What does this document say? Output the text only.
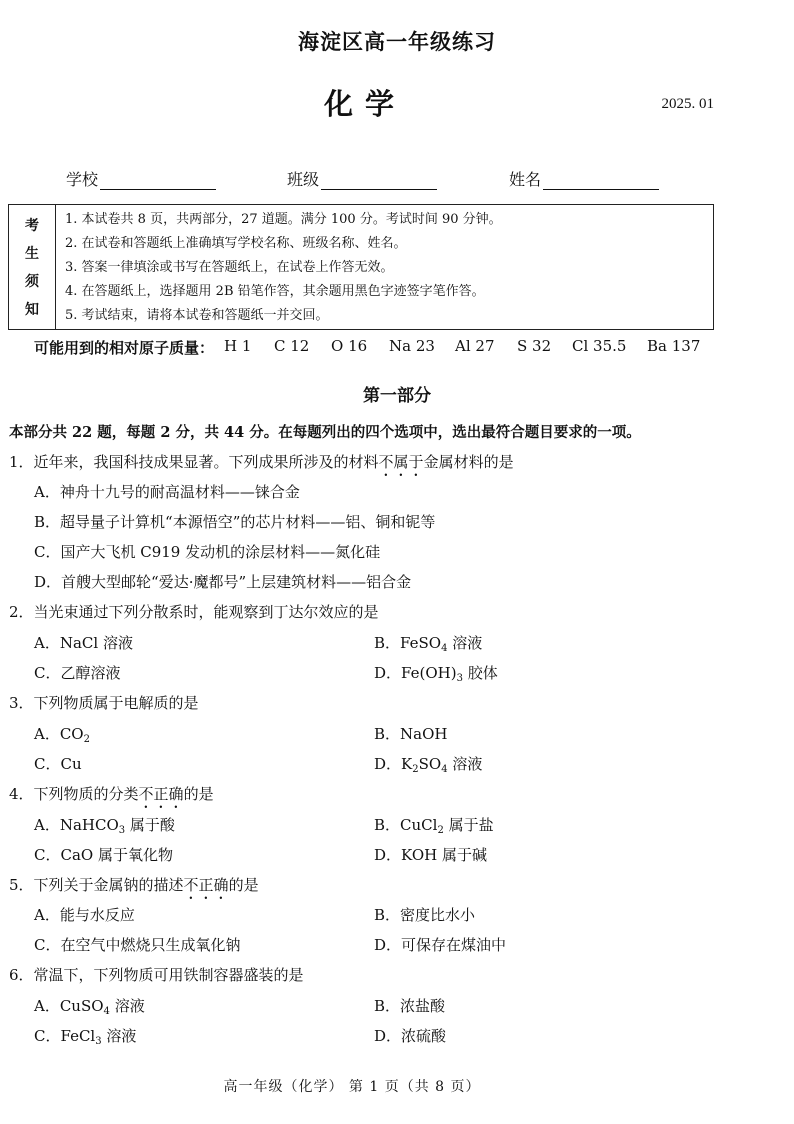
海淀区高一年级练习
化学	2025. 01
学校	班级	姓名
考
生
须
知
1. 本试卷共 8 页，共两部分，27 道题。满分 100 分。考试时间 90 分钟。
2. 在试卷和答题纸上准确填写学校名称、班级名称、姓名。
3. 答案一律填涂或书写在答题纸上，在试卷上作答无效。
4. 在答题纸上，选择题用 2B 铅笔作答，其余题用黑色字迹签字笔作答。
5. 考试结束，请将本试卷和答题纸一并交回。
可能用到的相对原子质量： H 1	C 12	O 16	Na 23	Al 27	S 32	Cl 35.5	Ba 137
第一部分
本部分共 22 题，每题 2 分，共 44 分。在每题列出的四个选项中，选出最符合题目要求的一项。
1．近年来，我国科技成果显著。下列成果所涉及的材料不属于金属材料的是
A．神舟十九号的耐高温材料——铼合金
B．超导量子计算机“本源悟空”的芯片材料——铝、铜和铌等
C．国产大飞机 C919 发动机的涂层材料——氮化硅
D．首艘大型邮轮“爱达·魔都号”上层建筑材料——铝合金
2．当光束通过下列分散系时，能观察到丁达尔效应的是
A．NaCl 溶液	B．FeSO$_4$ 溶液
C．乙醇溶液	D．$Fe(OH)_3$ 胶体
3．下列物质属于电解质的是
A．$CO_2$	B．NaOH
C．Cu	D．$K_2SO_4$ 溶液
4．下列物质的分类不正确的是
A．NaHCO$_3$ 属于酸	B．CuCl$_2$ 属于盐
C．CaO 属于氧化物	D．KOH 属于碱
5．下列关于金属钠的描述不正确的是
A．能与水反应	B．密度比水小
C．在空气中燃烧只生成氧化钠	D．可保存在煤油中
6．常温下，下列物质可用铁制容器盛装的是
A．CuSO$_4$ 溶液	B．浓盐酸
C．FeCl$_3$ 溶液	D．浓硫酸
高一年级（化学） 第 1 页（共 8 页）
